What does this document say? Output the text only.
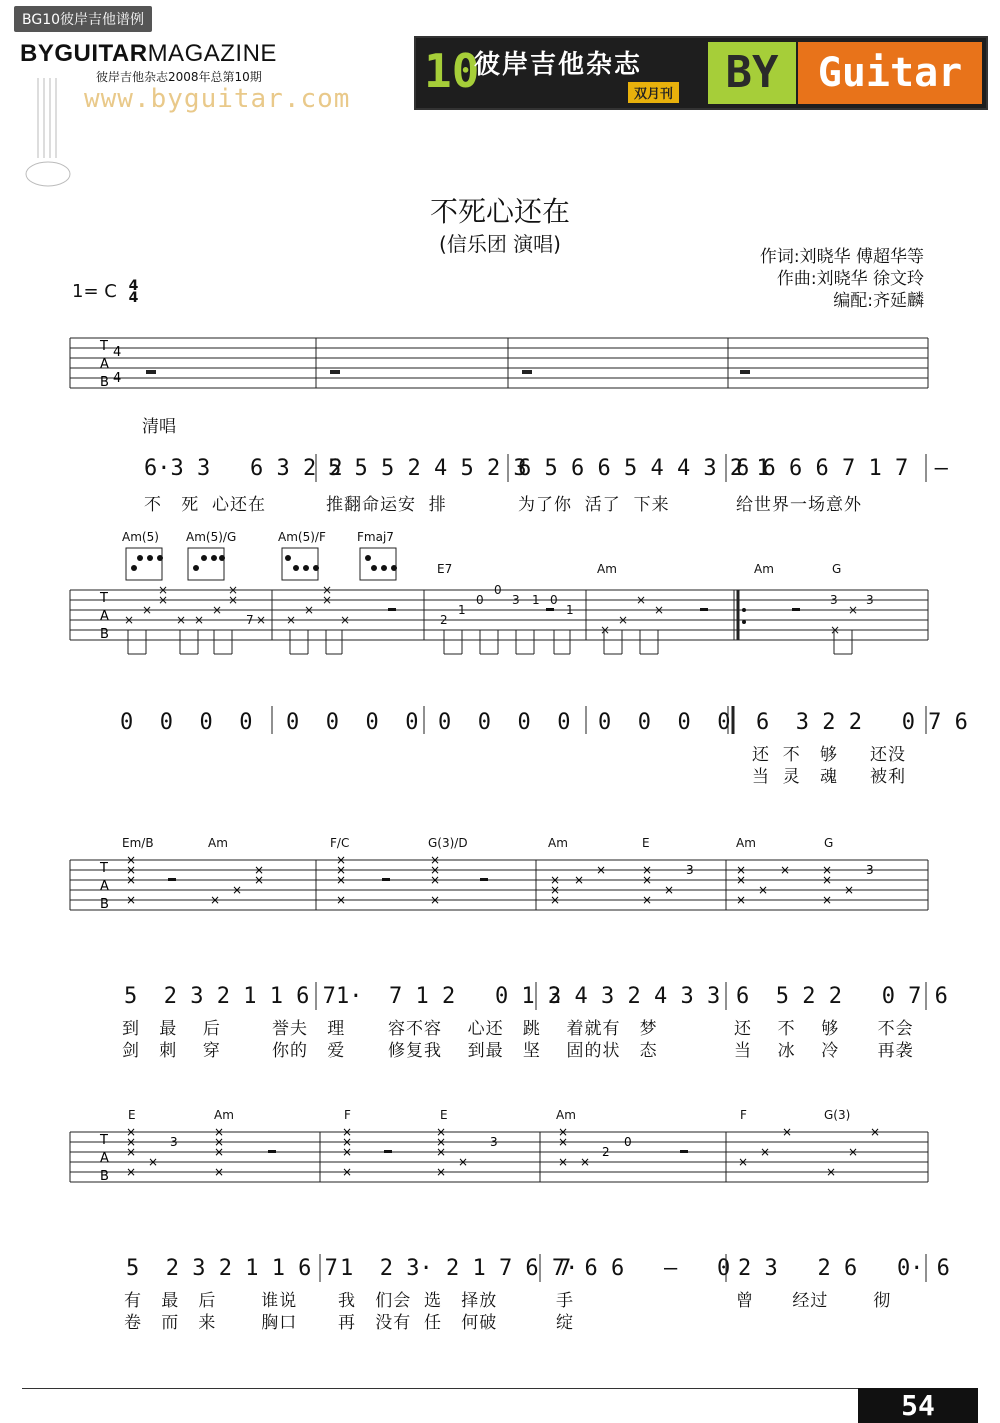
BG10彼岸吉他谱例
BYGUITARMAGAZINE
彼岸吉他杂志2008年总第10期
www.byguitar.com
10
彼岸吉他杂志
双月刊	BY Guitar
不死心还在
(信乐团 演唱)
作词:刘晓华 傅超华等
作曲:刘晓华 徐文玲
编配:齐延麟
1= C 4
4
T
A
B
4
4
清唱
6·3 3   6 3 2 2
5 5 5 2 4 5 2 3
6 5 6 6 5 4 4 3 2 1
6 6 6 6 7 1 7  —
不   死  心还在	推翻命运安  排	为了你  活了  下来	给世界一场意外
Am(5) Am(5)/G	Am(5)/F	Fmaj7
E7	Am	Am	G
T
A
B
×
×
×
×
× ×
×
×
×
7 × ×
×
×
×
×	2
1
0
0
3 1 0
1
×
×
×
×
3
×
3
×
0  0  0  0 0  0  0  0 0  0  0  0 0  0  0  0 6  3 2 2   0 7 6
还  不   够     还没
当  灵   魂     被利
Em/B	Am	F/C	G(3)/D	Am	E	Am	G
T
A
B
×
×
×
×	×
×
×
×
×
×
×
×
×
×
×
×
×
× ×
×
×
×
×
×
×
3	×
×
×
×
×	×
×
×
×
3
5  2 3 2 1 1 6 7 1·  7 1 2   0 1 2
3 4 3 2 4 3 3 6  5 2 2   0 7 6
到   最    后        誉夫   理	容不容    心还   跳    着就有   梦	还    不    够      不会
剑   刺    穿        你的   爱	修复我    到最   坚    固的状   态	当    冰    冷      再袭
E	Am	F	E	Am	F	G(3)
T
A
B
×
×
×
×
×
3
×
×
×
×
×
×
×
×
×
×
×
×
×
3
×
×
× ×
2
0
×
×
×
×
×
×
5  2 3 2 1 1 6 7 1  2 3· 2 1 7 6 7·
7 6 6   —   0 2 3   2 6   0· 6
有   最   后       谁说 我   们会  选   择放	手	曾      经过       彻
卷   而   来       胸口 再   没有  任   何破	绽
54
